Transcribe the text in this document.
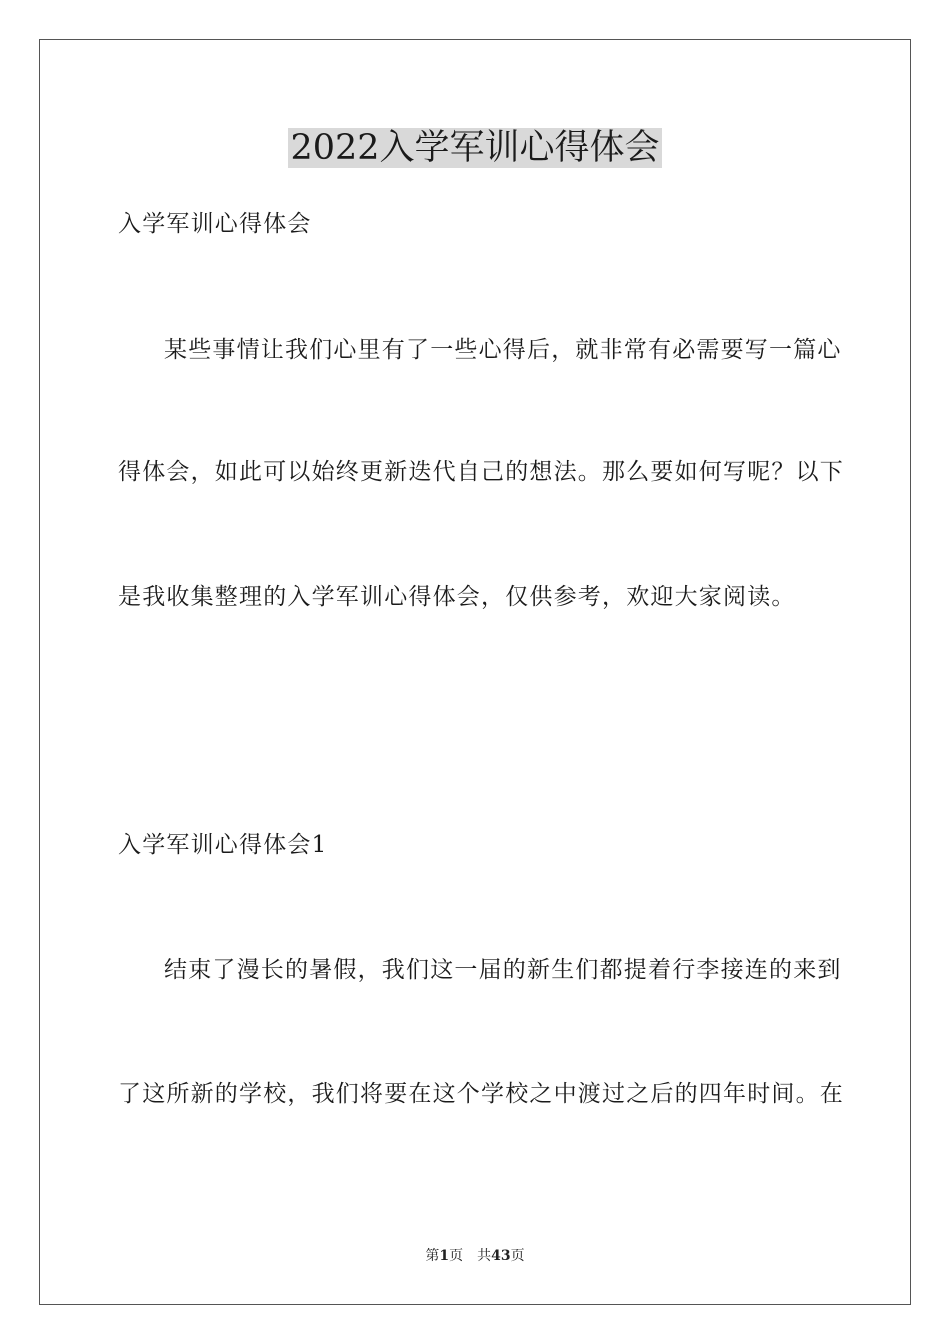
2022入学军训心得体会

入学军训心得体会

某些事情让我们心里有了一些心得后，就非常有必需要写一篇心

得体会，如此可以始终更新迭代自己的想法。那么要如何写呢？以下

是我收集整理的入学军训心得体会，仅供参考，欢迎大家阅读。

入学军训心得体会1

结束了漫长的暑假，我们这一届的新生们都提着行李接连的来到

了这所新的学校，我们将要在这个学校之中渡过之后的四年时间。在

第1页 共43页
